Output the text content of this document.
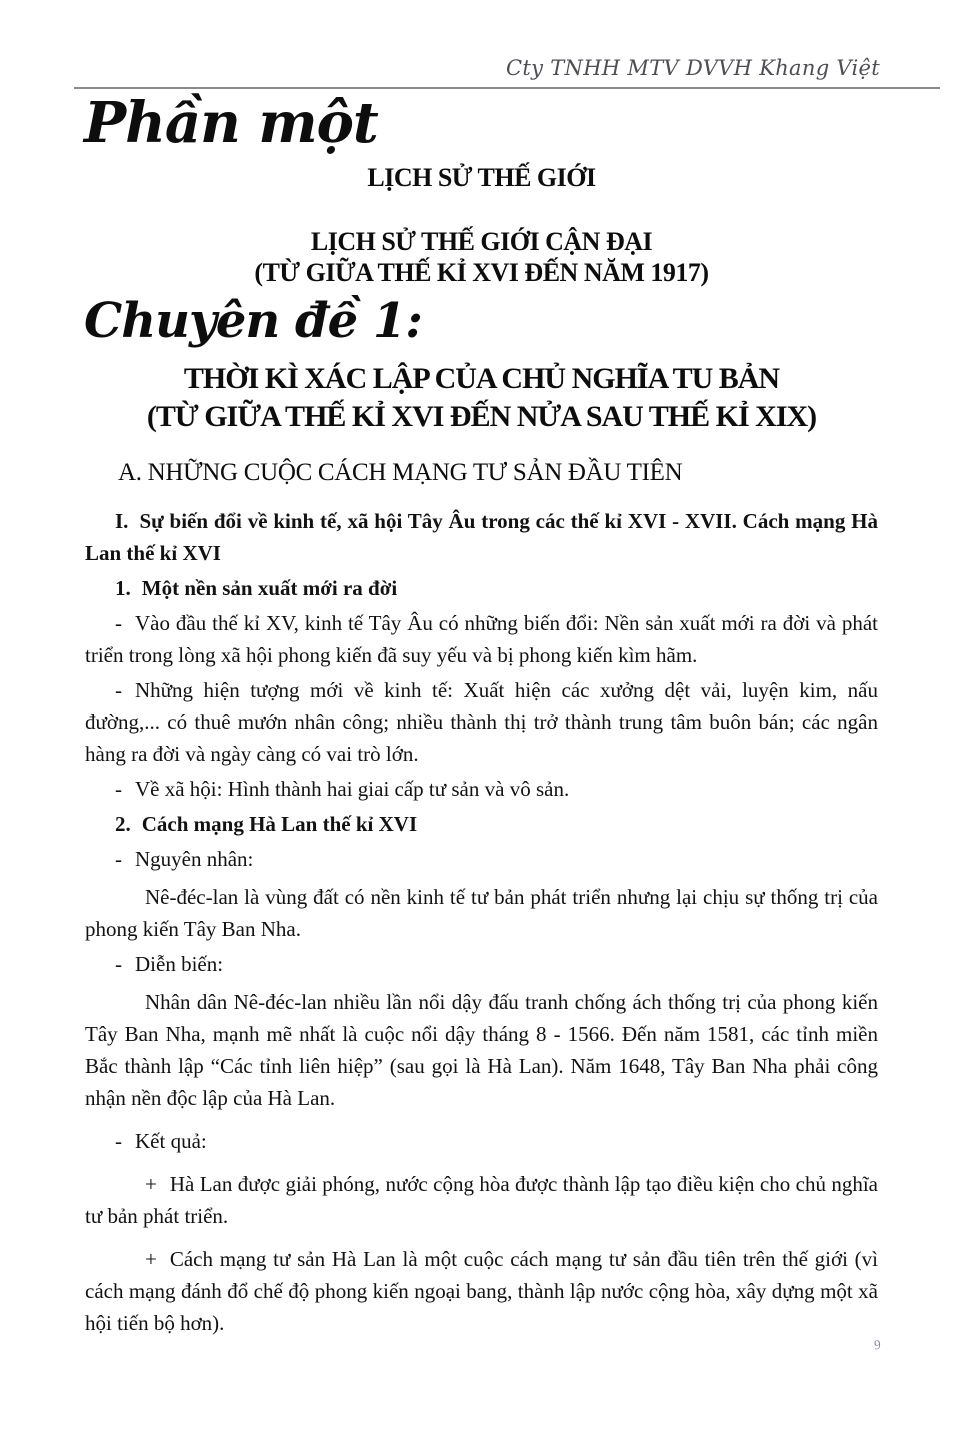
Cty TNHH MTV DVVH Khang Việt
Phần một
LỊCH SỬ THẾ GIỚI
LỊCH SỬ THẾ GIỚI CẬN ĐẠI
(TỪ GIỮA THẾ KỈ XVI ĐẾN NĂM 1917)
Chuyên đề 1:
THỜI KÌ XÁC LẬP CỦA CHỦ NGHĨA TU BẢN
(TỪ GIỮA THẾ KỈ XVI ĐẾN NỬA SAU THẾ KỈ XIX)
A. NHỮNG CUỘC CÁCH MẠNG TƯ SẢN ĐẦU TIÊN

I. Sự biến đổi về kinh tế, xã hội Tây Âu trong các thế kỉ XVI - XVII. Cách mạng Hà Lan thế kỉ XVI

1. Một nền sản xuất mới ra đời

- Vào đầu thế kỉ XV, kinh tế Tây Âu có những biến đổi: Nền sản xuất mới ra đời và phát triển trong lòng xã hội phong kiến đã suy yếu và bị phong kiến kìm hãm.

- Những hiện tượng mới về kinh tế: Xuất hiện các xưởng dệt vải, luyện kim, nấu đường,... có thuê mướn nhân công; nhiều thành thị trở thành trung tâm buôn bán; các ngân hàng ra đời và ngày càng có vai trò lớn.

- Về xã hội: Hình thành hai giai cấp tư sản và vô sản.

2. Cách mạng Hà Lan thế kỉ XVI

- Nguyên nhân:

Nê-đéc-lan là vùng đất có nền kinh tế tư bản phát triển nhưng lại chịu sự thống trị của phong kiến Tây Ban Nha.

- Diễn biến:

Nhân dân Nê-đéc-lan nhiều lần nổi dậy đấu tranh chống ách thống trị của phong kiến Tây Ban Nha, mạnh mẽ nhất là cuộc nổi dậy tháng 8 - 1566. Đến năm 1581, các tỉnh miền Bắc thành lập “Các tỉnh liên hiệp” (sau gọi là Hà Lan). Năm 1648, Tây Ban Nha phải công nhận nền độc lập của Hà Lan.

- Kết quả:

+ Hà Lan được giải phóng, nước cộng hòa được thành lập tạo điều kiện cho chủ nghĩa tư bản phát triển.

+ Cách mạng tư sản Hà Lan là một cuộc cách mạng tư sản đầu tiên trên thế giới (vì cách mạng đánh đổ chế độ phong kiến ngoại bang, thành lập nước cộng hòa, xây dựng một xã hội tiến bộ hơn).

9
